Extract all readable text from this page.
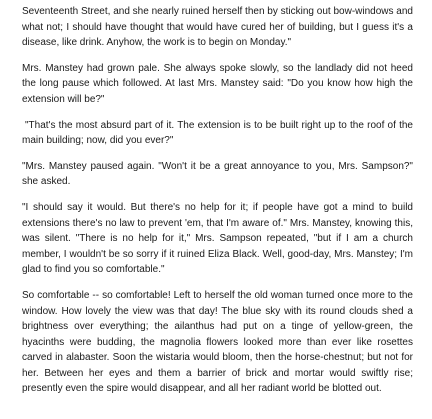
Seventeenth Street, and she nearly ruined herself then by sticking out bow-windows and what not; I should have thought that would have cured her of building, but I guess it's a disease, like drink. Anyhow, the work is to begin on Monday."

Mrs. Manstey had grown pale. She always spoke slowly, so the landlady did not heed the long pause which followed. At last Mrs. Manstey said: "Do you know how high the extension will be?"

"That's the most absurd part of it. The extension is to be built right up to the roof of the main building; now, did you ever?"

"Mrs. Manstey paused again. "Won't it be a great annoyance to you, Mrs. Sampson?" she asked.

"I should say it would. But there's no help for it; if people have got a mind to build extensions there's no law to prevent 'em, that I'm aware of." Mrs. Manstey, knowing this, was silent. "There is no help for it," Mrs. Sampson repeated, "but if I am a church member, I wouldn't be so sorry if it ruined Eliza Black. Well, good-day, Mrs. Manstey; I'm glad to find you so comfortable."

So comfortable -- so comfortable! Left to herself the old woman turned once more to the window. How lovely the view was that day! The blue sky with its round clouds shed a brightness over everything; the ailanthus had put on a tinge of yellow-green, the hyacinths were budding, the magnolia flowers looked more than ever like rosettes carved in alabaster. Soon the wistaria would bloom, then the horse-chestnut; but not for her. Between her eyes and them a barrier of brick and mortar would swiftly rise; presently even the spire would disappear, and all her radiant world be blotted out.
